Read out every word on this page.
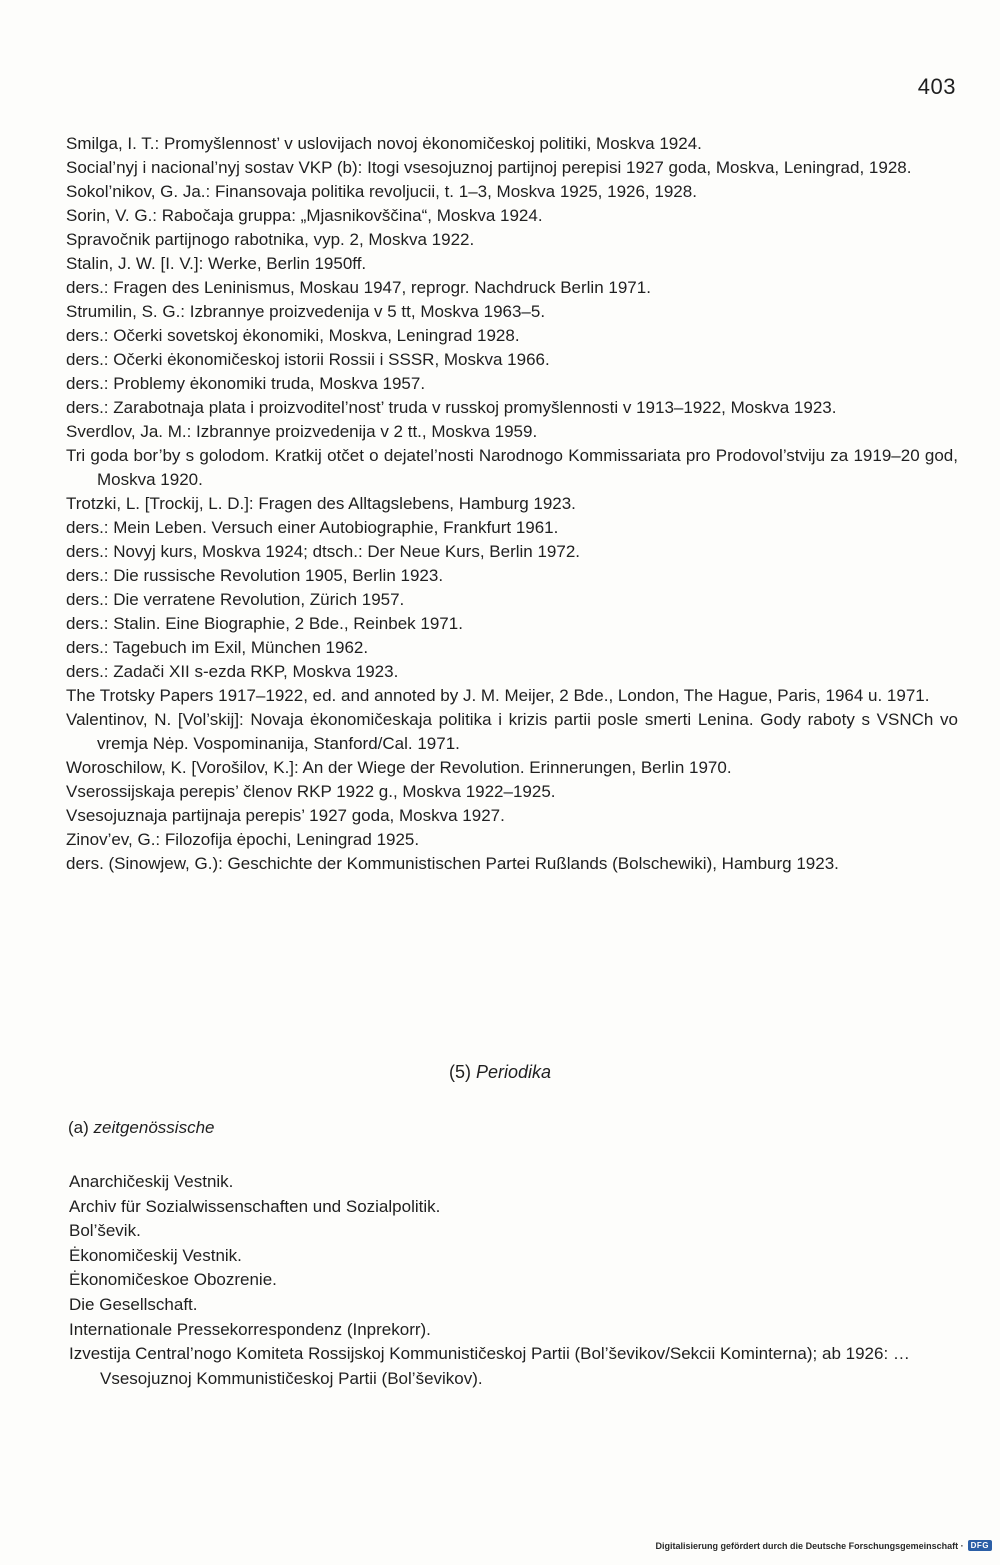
403
Smilga, I. T.: Promyšlennost’ v uslovijach novoj ėkonomičeskoj politiki, Moskva 1924.
Social’nyj i nacional’nyj sostav VKP (b): Itogi vsesojuznoj partijnoj perepisi 1927 goda, Moskva, Leningrad, 1928.
Sokol’nikov, G. Ja.: Finansovaja politika revoljucii, t. 1–3, Moskva 1925, 1926, 1928.
Sorin, V. G.: Rabočaja gruppa: „Mjasnikovščina“, Moskva 1924.
Spravočnik partijnogo rabotnika, vyp. 2, Moskva 1922.
Stalin, J. W. [I. V.]: Werke, Berlin 1950ff.
ders.: Fragen des Leninismus, Moskau 1947, reprogr. Nachdruck Berlin 1971.
Strumilin, S. G.: Izbrannye proizvedenija v 5 tt, Moskva 1963–5.
ders.: Očerki sovetskoj ėkonomiki, Moskva, Leningrad 1928.
ders.: Očerki ėkonomičeskoj istorii Rossii i SSSR, Moskva 1966.
ders.: Problemy ėkonomiki truda, Moskva 1957.
ders.: Zarabotnaja plata i proizvoditel’nost’ truda v russkoj promyšlennosti v 1913–1922, Moskva 1923.
Sverdlov, Ja. M.: Izbrannye proizvedenija v 2 tt., Moskva 1959.
Tri goda bor’by s golodom. Kratkij otčet o dejatel’nosti Narodnogo Kommissariata pro Prodovol’stviju za 1919–20 god, Moskva 1920.
Trotzki, L. [Trockij, L. D.]: Fragen des Alltagslebens, Hamburg 1923.
ders.: Mein Leben. Versuch einer Autobiographie, Frankfurt 1961.
ders.: Novyj kurs, Moskva 1924; dtsch.: Der Neue Kurs, Berlin 1972.
ders.: Die russische Revolution 1905, Berlin 1923.
ders.: Die verratene Revolution, Zürich 1957.
ders.: Stalin. Eine Biographie, 2 Bde., Reinbek 1971.
ders.: Tagebuch im Exil, München 1962.
ders.: Zadači XII s-ezda RKP, Moskva 1923.
The Trotsky Papers 1917–1922, ed. and annoted by J. M. Meijer, 2 Bde., London, The Hague, Paris, 1964 u. 1971.
Valentinov, N. [Vol’skij]: Novaja ėkonomičeskaja politika i krizis partii posle smerti Lenina. Gody raboty s VSNCh vo vremja Nėp. Vospominanija, Stanford/Cal. 1971.
Woroschilow, K. [Vorošilov, K.]: An der Wiege der Revolution. Erinnerungen, Berlin 1970.
Vserossijskaja perepis’ členov RKP 1922 g., Moskva 1922–1925.
Vsesojuznaja partijnaja perepis’ 1927 goda, Moskva 1927.
Zinov’ev, G.: Filozofija ėpochi, Leningrad 1925.
ders. (Sinowjew, G.): Geschichte der Kommunistischen Partei Rußlands (Bolschewiki), Hamburg 1923.
(5) Periodika
(a) zeitgenössische
Anarchičeskij Vestnik.
Archiv für Sozialwissenschaften und Sozialpolitik.
Bol’ševik.
Ėkonomičeskij Vestnik.
Ėkonomičeskoe Obozrenie.
Die Gesellschaft.
Internationale Pressekorrespondenz (Inprekorr).
Izvestija Central’nogo Komiteta Rossijskoj Kommunističeskoj Partii (Bol’ševikov/Sekcii Kominterna); ab 1926: … Vsesojuznoj Kommunističeskoj Partii (Bol’ševikov).
Digitalisierung gefördert durch die Deutsche Forschungsgemeinschaft · DFG
